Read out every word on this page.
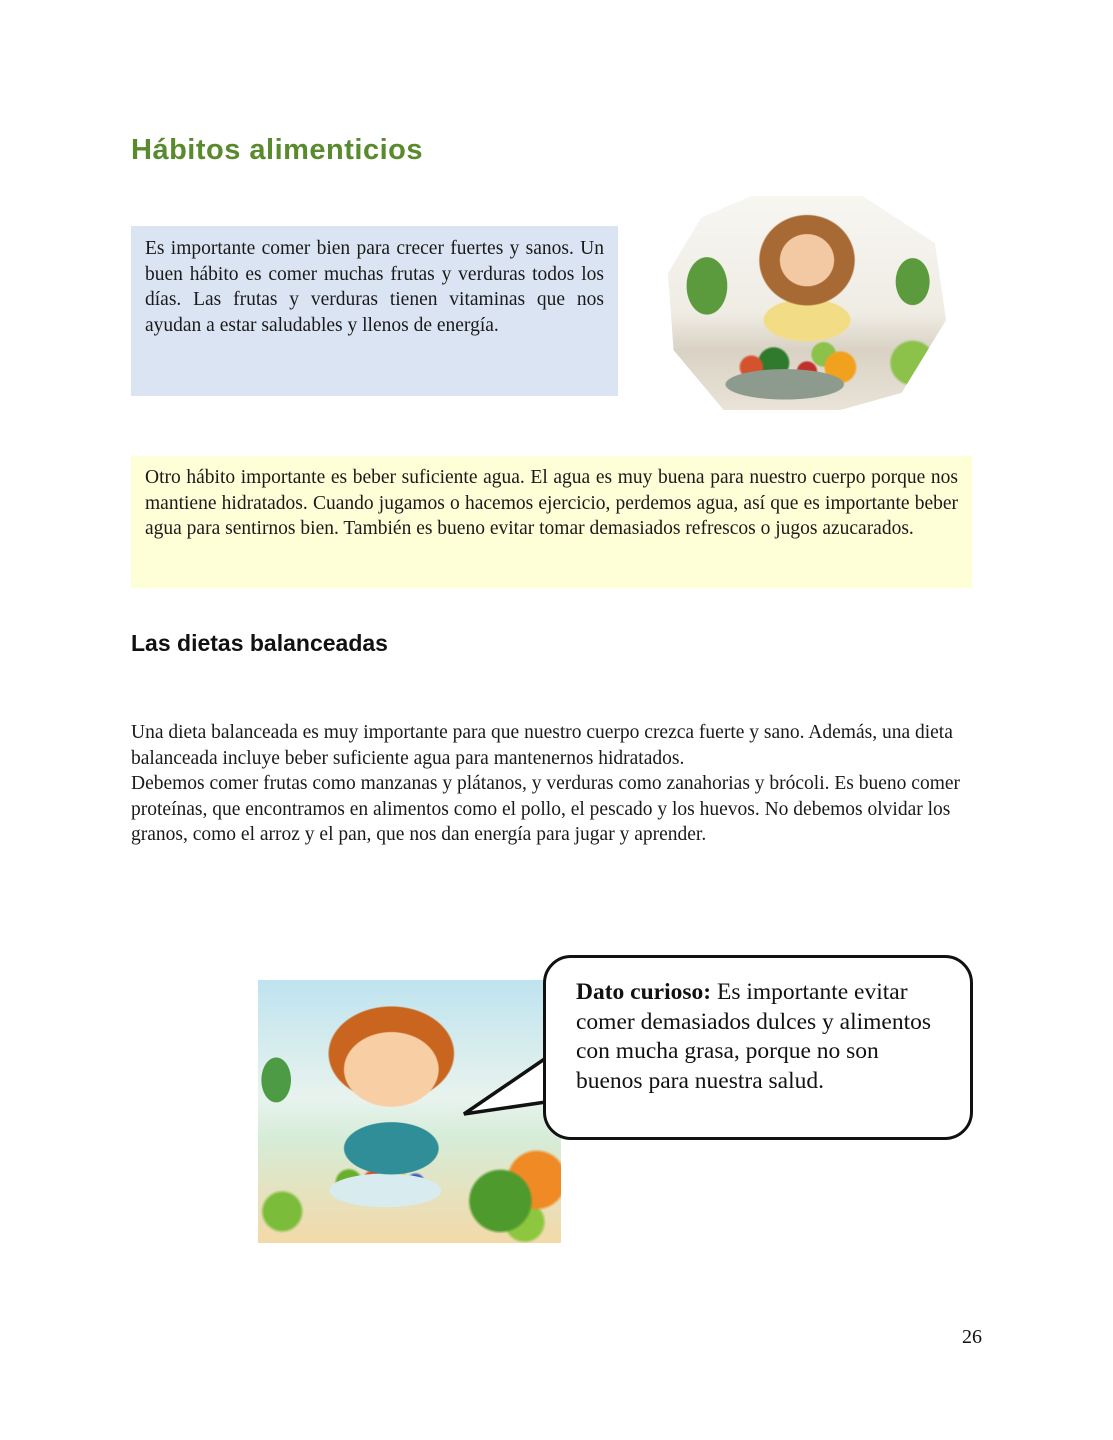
Hábitos alimenticios
Es importante comer bien para crecer fuertes y sanos. Un buen hábito es comer muchas frutas y verduras todos los días. Las frutas y verduras tienen vitaminas que nos ayudan a estar saludables y llenos de energía.
Otro hábito importante es beber suficiente agua. El agua es muy buena para nuestro cuerpo porque nos mantiene hidratados. Cuando jugamos o hacemos ejercicio, perdemos agua, así que es importante beber agua para sentirnos bien. También es bueno evitar tomar demasiados refrescos o jugos azucarados.
Las dietas balanceadas

Una dieta balanceada es muy importante para que nuestro cuerpo crezca fuerte y sano. Además, una dieta balanceada incluye beber suficiente agua para mantenernos hidratados.

Debemos comer frutas como manzanas y plátanos, y verduras como zanahorias y brócoli. Es bueno comer proteínas, que encontramos en alimentos como el pollo, el pescado y los huevos. No debemos olvidar los granos, como el arroz y el pan, que nos dan energía para jugar y aprender.

Dato curioso: Es importante evitar comer demasiados dulces y alimentos con mucha grasa, porque no son buenos para nuestra salud.
26
